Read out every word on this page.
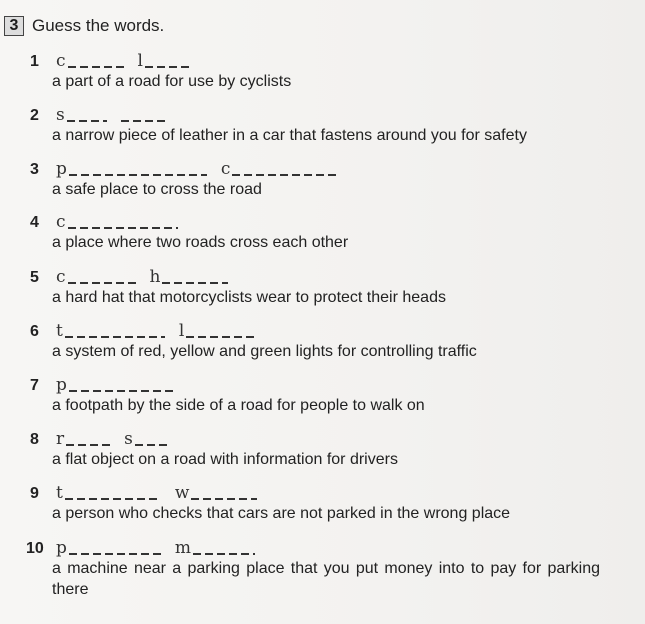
3 Guess the words.
1	c	l
a part of a road for use by cyclists
2	s
a narrow piece of leather in a car that fastens around you for safety
3	p	c
a safe place to cross the road
4	c
a place where two roads cross each other
5	c	h
a hard hat that motorcyclists wear to protect their heads
6	t	l
a system of red, yellow and green lights for controlling traffic
7	p
a footpath by the side of a road for people to walk on
8	r	s
a flat object on a road with information for drivers
9	t	w
a person who checks that cars are not parked in the wrong place
10 p	m
a machine near a parking place that you put money into to pay for parking there
